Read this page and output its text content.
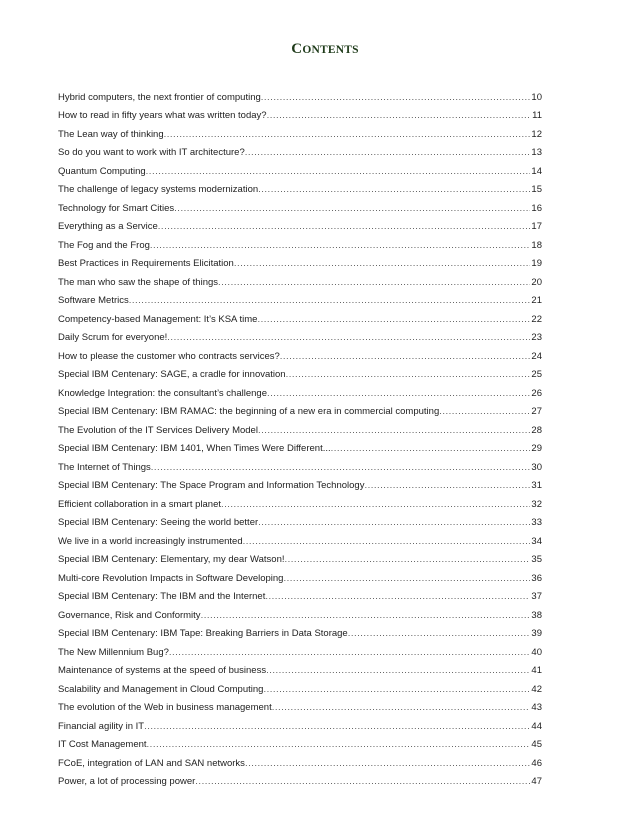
CONTENTS
Hybrid computers, the next frontier of computing .....	10
How to read in fifty years what was written today? .....	11
The Lean way of thinking .....	12
So do you want to work with IT architecture? .....	13
Quantum Computing .....	14
The challenge of legacy systems modernization .....	15
Technology for Smart Cities .....	16
Everything as a Service .....	17
The Fog and the Frog .....	18
Best Practices in Requirements Elicitation .....	19
The man who saw the shape of things .....	20
Software Metrics .....	21
Competency-based Management: It’s KSA time .....	22
Daily Scrum for everyone! .....	23
How to please the customer who contracts services? .....	24
Special IBM Centenary: SAGE, a cradle for innovation .....	25
Knowledge Integration: the consultant’s challenge .....	26
Special IBM Centenary: IBM RAMAC: the beginning of a new era in commercial computing .....	27
The Evolution of the IT Services Delivery Model .....	28
Special IBM Centenary: IBM 1401, When Times Were Different... .....	29
The Internet of Things .....	30
Special IBM Centenary: The Space Program and Information Technology .....	31
Efficient collaboration in a smart planet .....	32
Special IBM Centenary: Seeing the world better .....	33
We live in a world increasingly instrumented .....	34
Special IBM Centenary: Elementary, my dear Watson! .....	35
Multi-core Revolution Impacts in Software Developing .....	36
Special IBM Centenary: The IBM and the Internet .....	37
Governance, Risk and Conformity .....	38
Special IBM Centenary: IBM Tape: Breaking Barriers in Data Storage .....	39
The New Millennium Bug? .....	40
Maintenance of systems at the speed of business .....	41
Scalability and Management in Cloud Computing .....	42
The evolution of the Web in business management .....	43
Financial agility in IT .....	44
IT Cost Management .....	45
FCoE, integration of LAN and SAN networks .....	46
Power, a lot of processing power .....	47
